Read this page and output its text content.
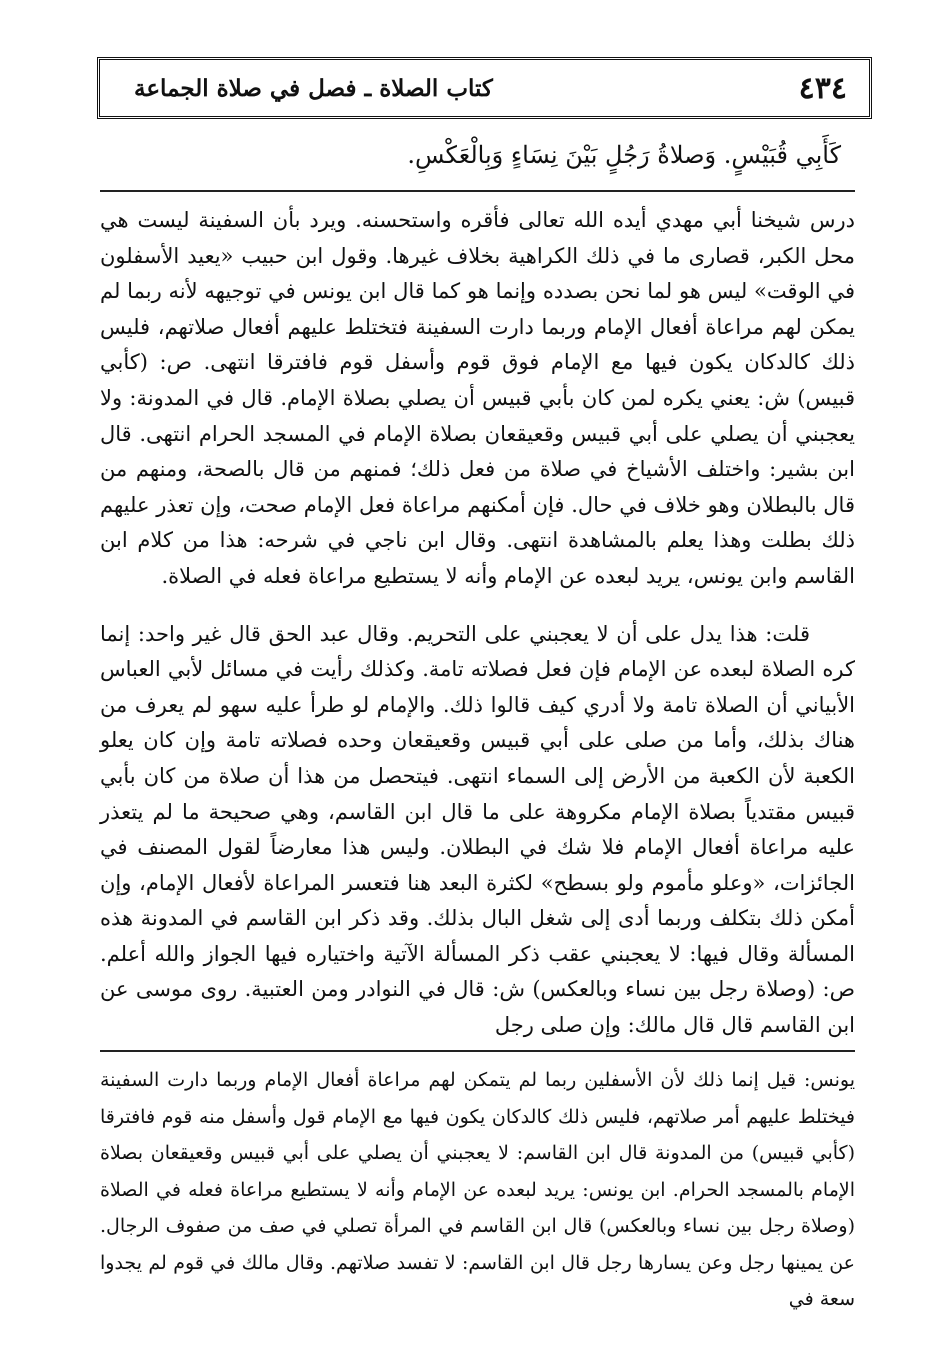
٤٣٤
كتاب الصلاة ـ فصل في صلاة الجماعة
كَأَبِي قُبَيْسٍ. وَصلاةُ رَجُلٍ بَيْنَ نِسَاءٍ وَبِالْعَكْسِ.

درس شيخنا أبي مهدي أيده الله تعالى فأقره واستحسنه. ويرد بأن السفينة ليست هي محل الكبر، قصارى ما في ذلك الكراهية بخلاف غيرها. وقول ابن حبيب «يعيد الأسفلون في الوقت» ليس هو لما نحن بصدده وإنما هو كما قال ابن يونس في توجيهه لأنه ربما لم يمكن لهم مراعاة أفعال الإمام وربما دارت السفينة فتختلط عليهم أفعال صلاتهم، فليس ذلك كالدكان يكون فيها مع الإمام فوق قوم وأسفل قوم فافترقا انتهى. ص: (كأبي قبيس) ش: يعني يكره لمن كان بأبي قبيس أن يصلي بصلاة الإمام. قال في المدونة: ولا يعجبني أن يصلي على أبي قبيس وقعيقعان بصلاة الإمام في المسجد الحرام انتهى. قال ابن بشير: واختلف الأشياخ في صلاة من فعل ذلك؛ فمنهم من قال بالصحة، ومنهم من قال بالبطلان وهو خلاف في حال. فإن أمكنهم مراعاة فعل الإمام صحت، وإن تعذر عليهم ذلك بطلت وهذا يعلم بالمشاهدة انتهى. وقال ابن ناجي في شرحه: هذا من كلام ابن القاسم وابن يونس، يريد لبعده عن الإمام وأنه لا يستطيع مراعاة فعله في الصلاة.

قلت: هذا يدل على أن لا يعجبني على التحريم. وقال عبد الحق قال غير واحد: إنما كره الصلاة لبعده عن الإمام فإن فعل فصلاته تامة. وكذلك رأيت في مسائل لأبي العباس الأبياني أن الصلاة تامة ولا أدري كيف قالوا ذلك. والإمام لو طرأ عليه سهو لم يعرف من هناك بذلك، وأما من صلى على أبي قبيس وقعيقعان وحده فصلاته تامة وإن كان يعلو الكعبة لأن الكعبة من الأرض إلى السماء انتهى. فيتحصل من هذا أن صلاة من كان بأبي قبيس مقتدياً بصلاة الإمام مكروهة على ما قال ابن القاسم، وهي صحيحة ما لم يتعذر عليه مراعاة أفعال الإمام فلا شك في البطلان. وليس هذا معارضاً لقول المصنف في الجائزات، «وعلو مأموم ولو بسطح» لكثرة البعد هنا فتعسر المراعاة لأفعال الإمام، وإن أمكن ذلك بتكلف وربما أدى إلى شغل البال بذلك. وقد ذكر ابن القاسم في المدونة هذه المسألة وقال فيها: لا يعجبني عقب ذكر المسألة الآتية واختياره فيها الجواز والله أعلم. ص: (وصلاة رجل بين نساء وبالعكس) ش: قال في النوادر ومن العتبية. روى موسى عن ابن القاسم قال قال مالك: وإن صلى رجل

يونس: قيل إنما ذلك لأن الأسفلين ربما لم يتمكن لهم مراعاة أفعال الإمام وربما دارت السفينة فيختلط عليهم أمر صلاتهم، فليس ذلك كالدكان يكون فيها مع الإمام قول وأسفل منه قوم فافترقا (كأبي قبيس) من المدونة قال ابن القاسم: لا يعجبني أن يصلي على أبي قبيس وقعيقعان بصلاة الإمام بالمسجد الحرام. ابن يونس: يريد لبعده عن الإمام وأنه لا يستطيع مراعاة فعله في الصلاة (وصلاة رجل بين نساء وبالعكس) قال ابن القاسم في المرأة تصلي في صف من صفوف الرجال. عن يمينها رجل وعن يسارها رجل قال ابن القاسم: لا تفسد صلاتهم. وقال مالك في قوم لم يجدوا سعة في
